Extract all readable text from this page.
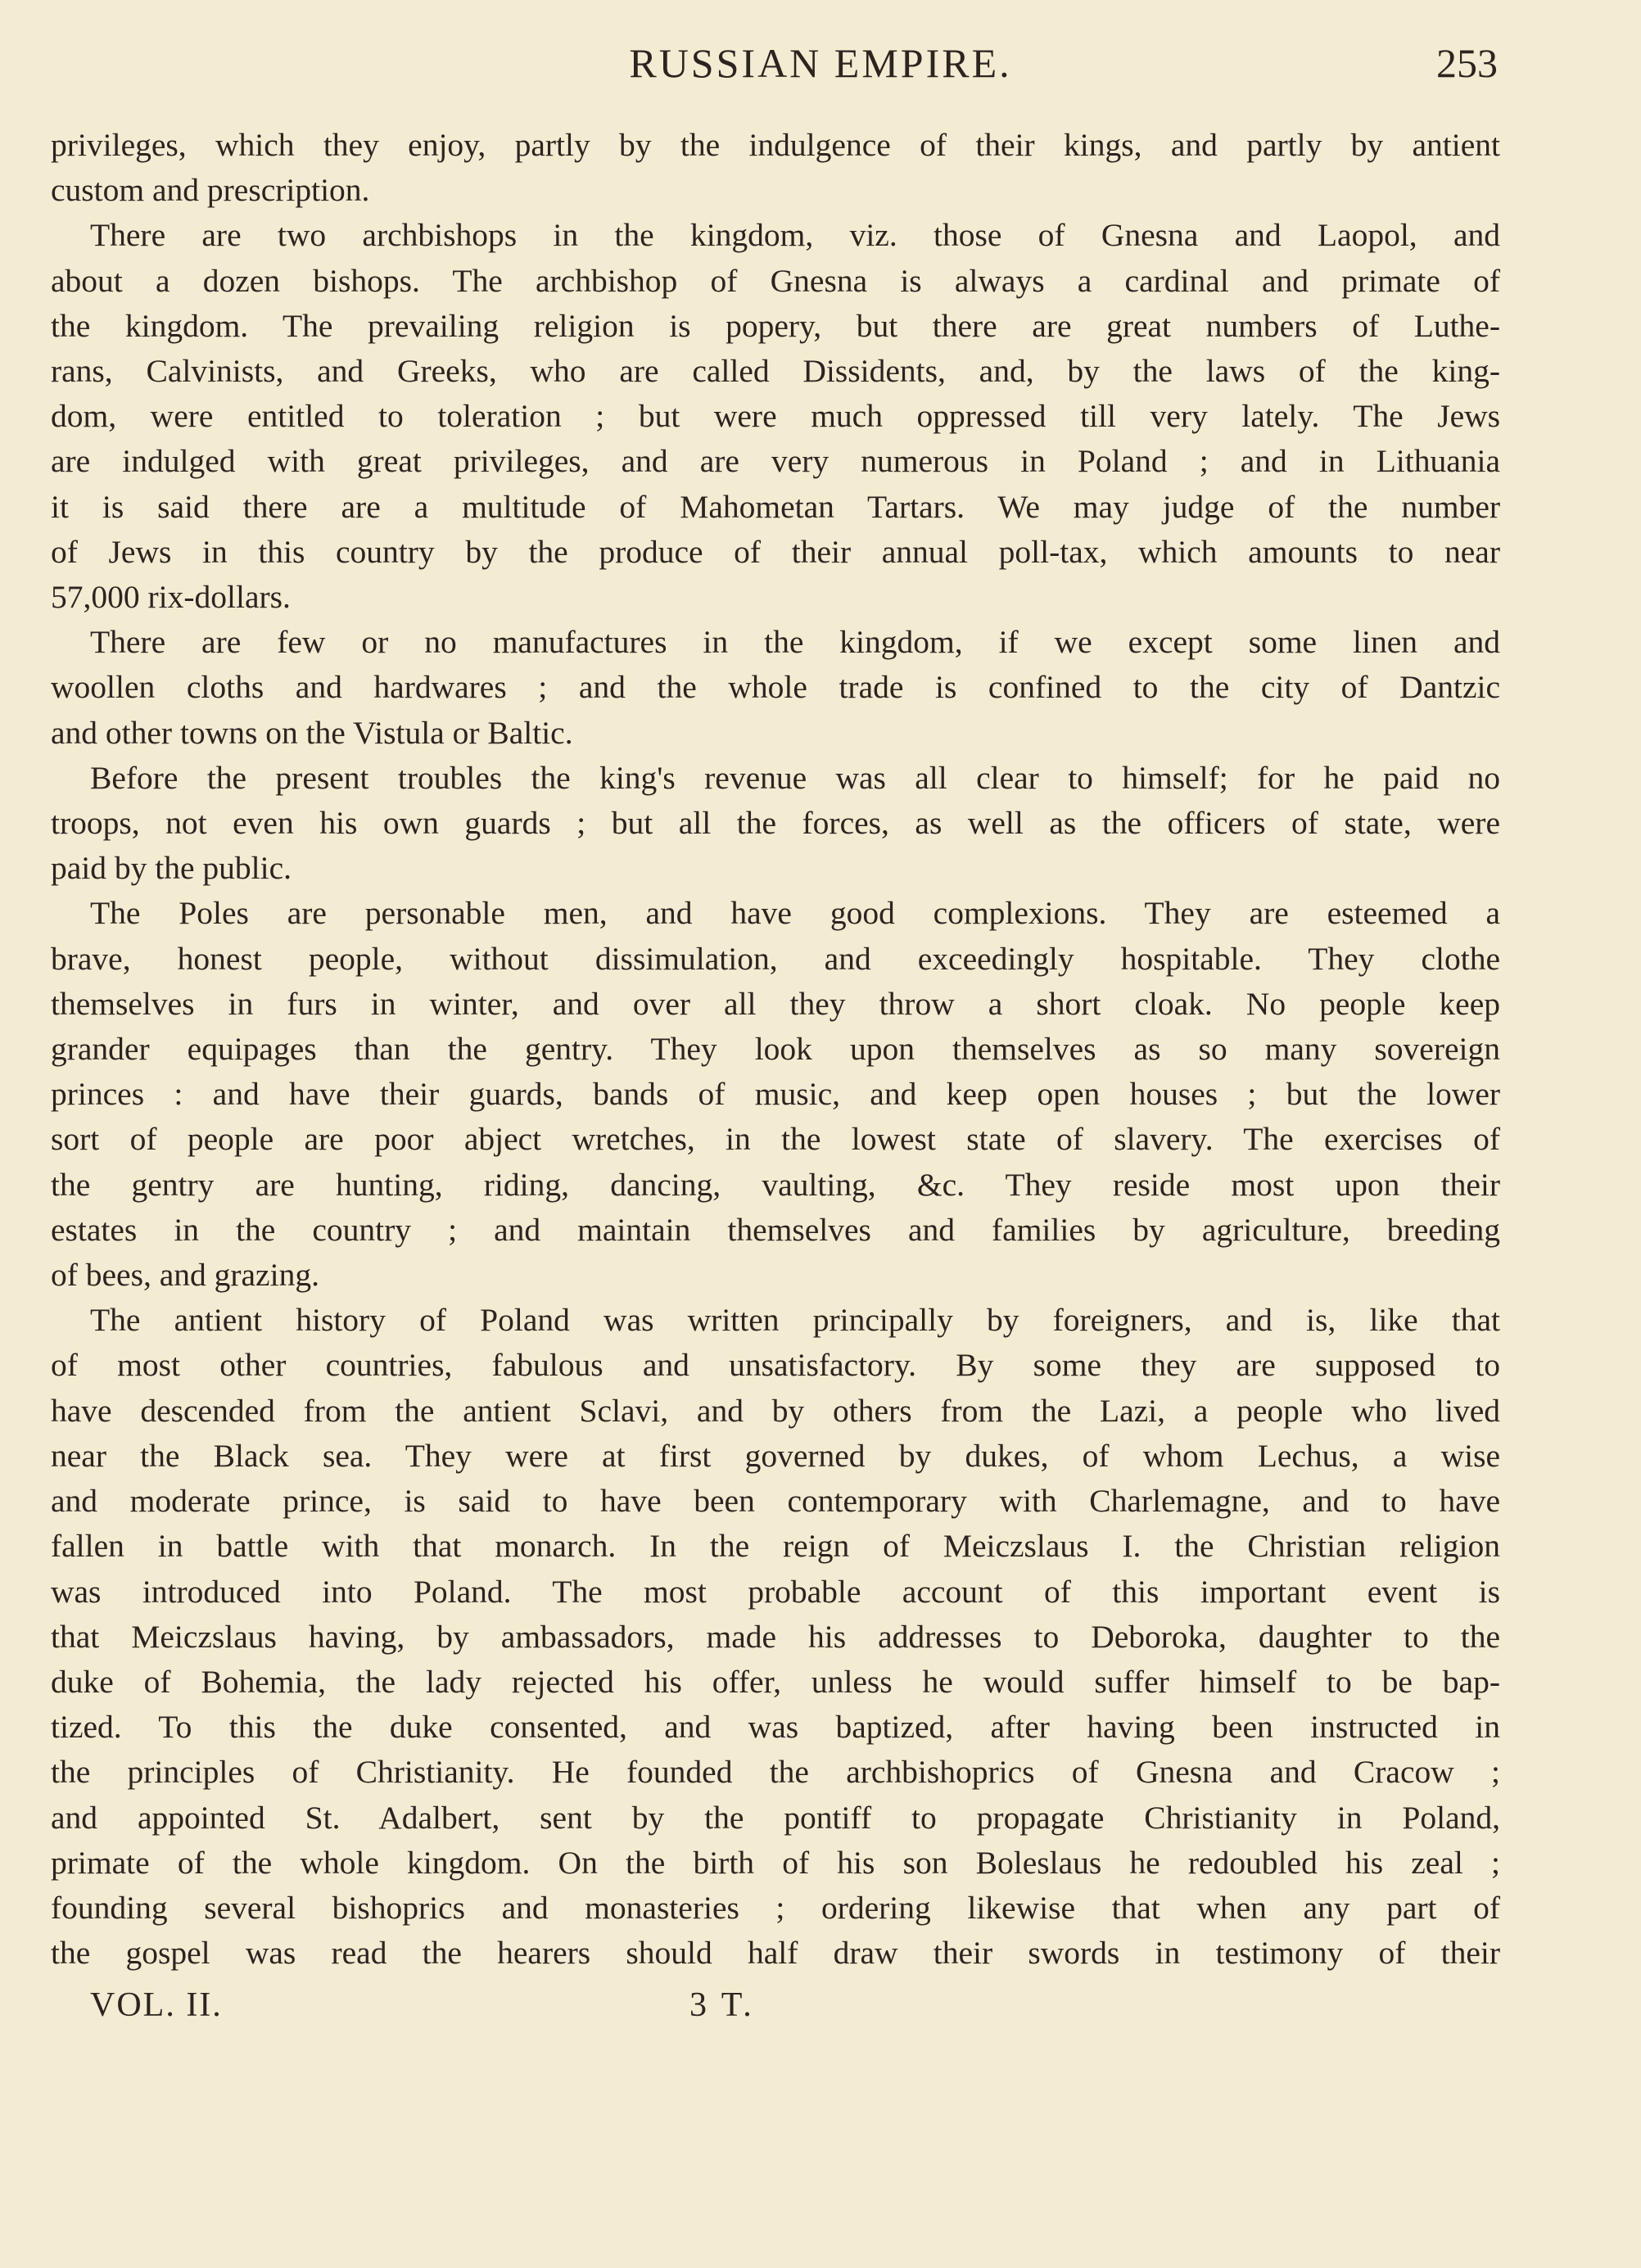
RUSSIAN EMPIRE.	253
privileges, which they enjoy, partly by the indulgence of their kings, and partly by antient
custom and prescription.
There are two archbishops in the kingdom, viz. those of Gnesna and Laopol, and
about a dozen bishops. The archbishop of Gnesna is always a cardinal and primate of
the kingdom. The prevailing religion is popery, but there are great numbers of Luthe-
rans, Calvinists, and Greeks, who are called Dissidents, and, by the laws of the king-
dom, were entitled to toleration ; but were much oppressed till very lately. The Jews
are indulged with great privileges, and are very numerous in Poland ; and in Lithuania
it is said there are a multitude of Mahometan Tartars. We may judge of the number
of Jews in this country by the produce of their annual poll-tax, which amounts to near
57,000 rix-dollars.
There are few or no manufactures in the kingdom, if we except some linen and
woollen cloths and hardwares ; and the whole trade is confined to the city of Dantzic
and other towns on the Vistula or Baltic.
Before the present troubles the king's revenue was all clear to himself; for he paid no
troops, not even his own guards ; but all the forces, as well as the officers of state, were
paid by the public.
The Poles are personable men, and have good complexions. They are esteemed a
brave, honest people, without dissimulation, and exceedingly hospitable. They clothe
themselves in furs in winter, and over all they throw a short cloak. No people keep
grander equipages than the gentry. They look upon themselves as so many sovereign
princes : and have their guards, bands of music, and keep open houses ; but the lower
sort of people are poor abject wretches, in the lowest state of slavery. The exercises of
the gentry are hunting, riding, dancing, vaulting, &c. They reside most upon their
estates in the country ; and maintain themselves and families by agriculture, breeding
of bees, and grazing.
The antient history of Poland was written principally by foreigners, and is, like that
of most other countries, fabulous and unsatisfactory. By some they are supposed to
have descended from the antient Sclavi, and by others from the Lazi, a people who lived
near the Black sea. They were at first governed by dukes, of whom Lechus, a wise
and moderate prince, is said to have been contemporary with Charlemagne, and to have
fallen in battle with that monarch. In the reign of Meiczslaus I. the Christian religion
was introduced into Poland. The most probable account of this important event is
that Meiczslaus having, by ambassadors, made his addresses to Deboroka, daughter to the
duke of Bohemia, the lady rejected his offer, unless he would suffer himself to be bap-
tized. To this the duke consented, and was baptized, after having been instructed in
the principles of Christianity. He founded the archbishoprics of Gnesna and Cracow ;
and appointed St. Adalbert, sent by the pontiff to propagate Christianity in Poland,
primate of the whole kingdom. On the birth of his son Boleslaus he redoubled his zeal ;
founding several bishoprics and monasteries ; ordering likewise that when any part of
the gospel was read the hearers should half draw their swords in testimony of their
VOL. II.	3 T.
